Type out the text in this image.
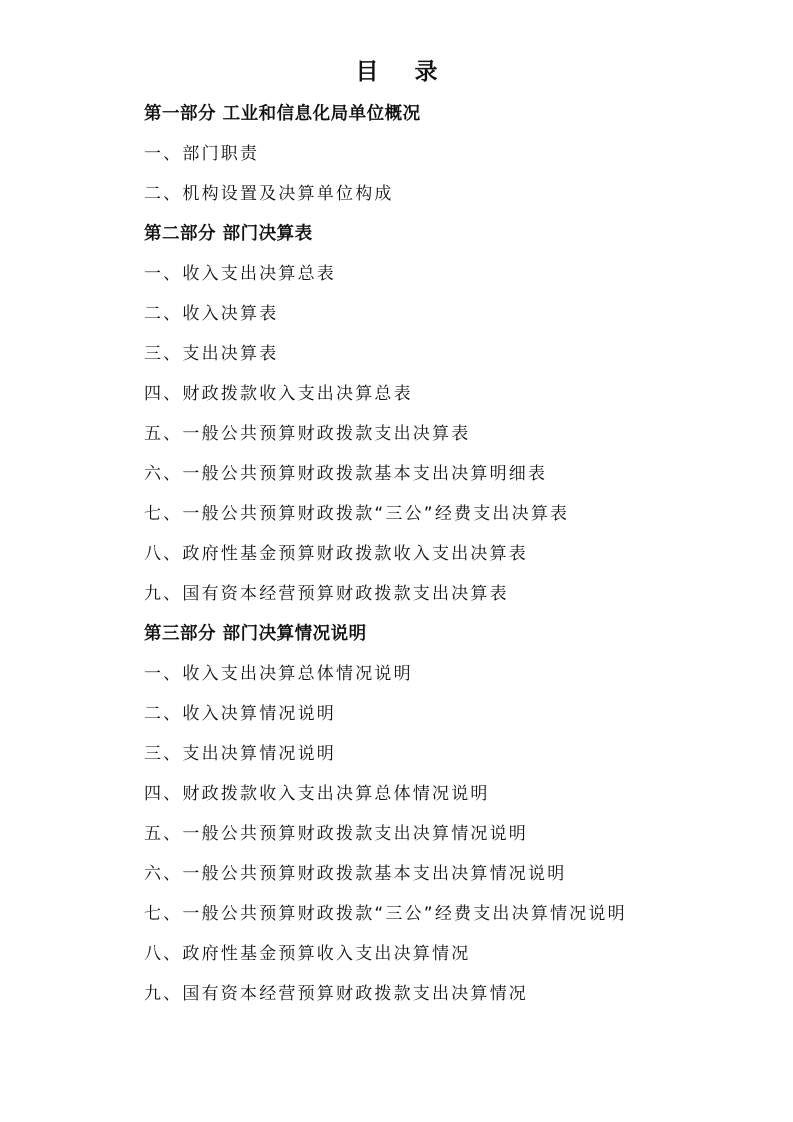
目 录
第一部分 工业和信息化局单位概况
一、部门职责
二、机构设置及决算单位构成
第二部分 部门决算表
一、收入支出决算总表
二、收入决算表
三、支出决算表
四、财政拨款收入支出决算总表
五、一般公共预算财政拨款支出决算表
六、一般公共预算财政拨款基本支出决算明细表
七、一般公共预算财政拨款“三公”经费支出决算表
八、政府性基金预算财政拨款收入支出决算表
九、国有资本经营预算财政拨款支出决算表
第三部分 部门决算情况说明
一、收入支出决算总体情况说明
二、收入决算情况说明
三、支出决算情况说明
四、财政拨款收入支出决算总体情况说明
五、一般公共预算财政拨款支出决算情况说明
六、一般公共预算财政拨款基本支出决算情况说明
七、一般公共预算财政拨款“三公”经费支出决算情况说明
八、政府性基金预算收入支出决算情况
九、国有资本经营预算财政拨款支出决算情况
